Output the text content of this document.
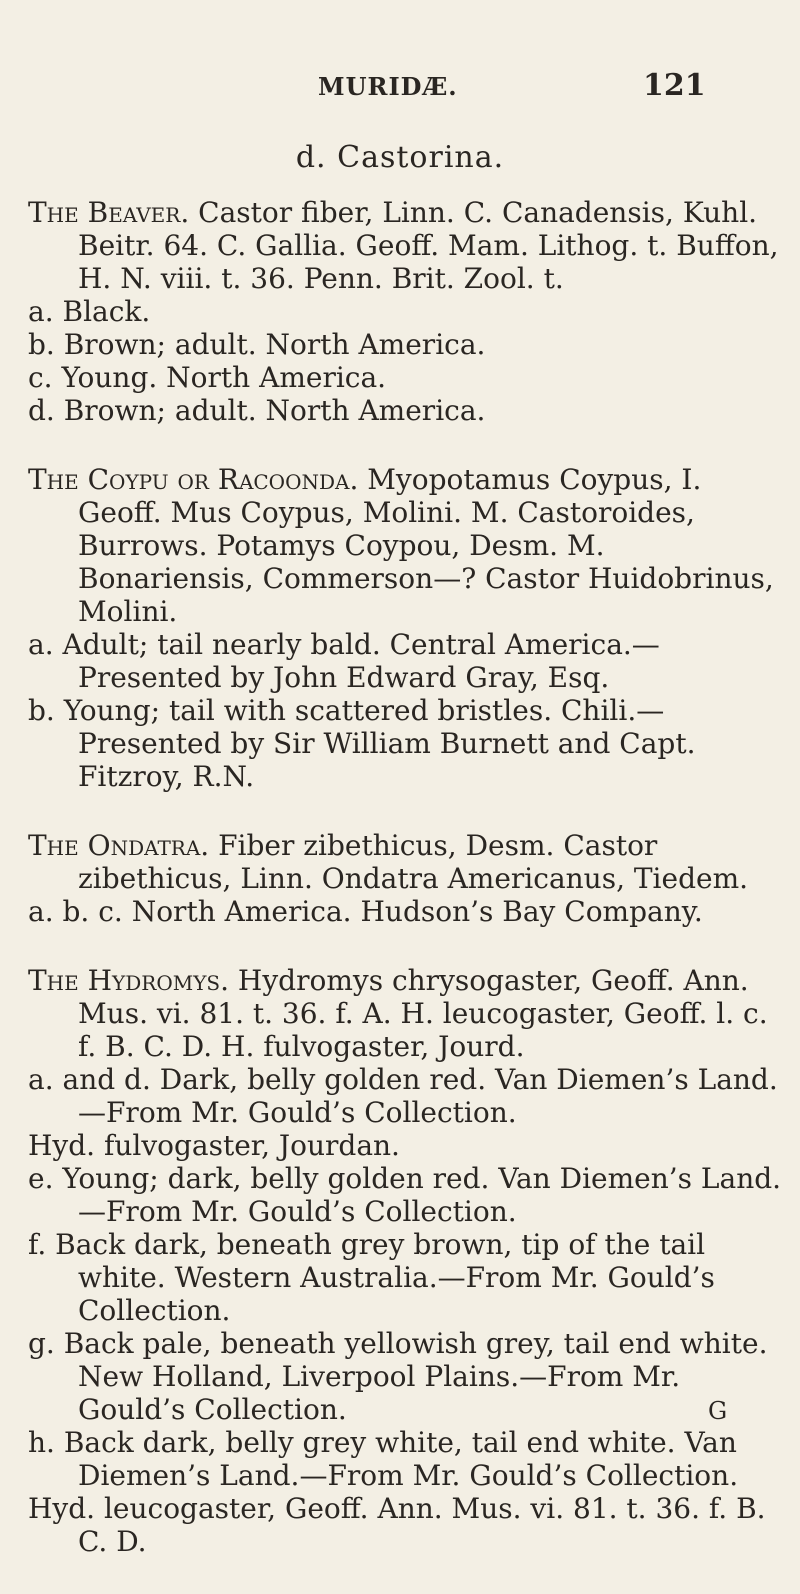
MURIDÆ.	121
d. Castorina.

The Beaver. Castor fiber, Linn. C. Canadensis, Kuhl. Beitr. 64. C. Gallia. Geoff. Mam. Lithog. t. Buffon, H. N. viii. t. 36. Penn. Brit. Zool. t.

a. Black.

b. Brown; adult. North America.

c. Young. North America.

d. Brown; adult. North America.

The Coypu or Racoonda. Myopotamus Coypus, I. Geoff. Mus Coypus, Molini. M. Castoroides, Burrows. Potamys Coypou, Desm. M. Bonariensis, Commerson—? Castor Huidobrinus, Molini.

a. Adult; tail nearly bald. Central America.—Presented by John Edward Gray, Esq.

b. Young; tail with scattered bristles. Chili.—Presented by Sir William Burnett and Capt. Fitzroy, R.N.

The Ondatra. Fiber zibethicus, Desm. Castor zibethicus, Linn. Ondatra Americanus, Tiedem.

a. b. c. North America. Hudson’s Bay Company.

The Hydromys. Hydromys chrysogaster, Geoff. Ann. Mus. vi. 81. t. 36. f. A. H. leucogaster, Geoff. l. c. f. B. C. D. H. fulvogaster, Jourd.

a. and d. Dark, belly golden red. Van Diemen’s Land. —From Mr. Gould’s Collection.

Hyd. fulvogaster, Jourdan.

e. Young; dark, belly golden red. Van Diemen’s Land. —From Mr. Gould’s Collection.

f. Back dark, beneath grey brown, tip of the tail white. Western Australia.—From Mr. Gould’s Collection.

g. Back pale, beneath yellowish grey, tail end white. New Holland, Liverpool Plains.—From Mr. Gould’s Collection.

h. Back dark, belly grey white, tail end white. Van Diemen’s Land.—From Mr. Gould’s Collection.

Hyd. leucogaster, Geoff. Ann. Mus. vi. 81. t. 36. f. B. C. D.

G
